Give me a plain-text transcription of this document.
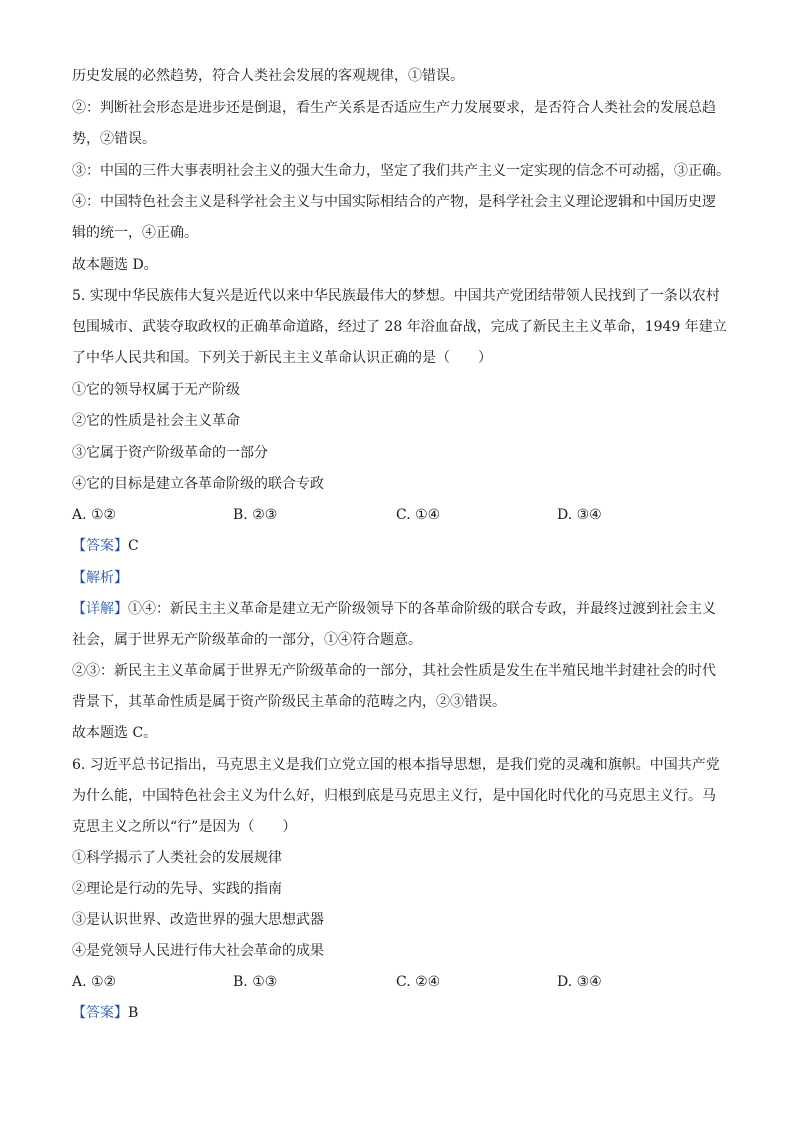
历史发展的必然趋势，符合人类社会发展的客观规律，①错误。
②：判断社会形态是进步还是倒退，看生产关系是否适应生产力发展要求，是否符合人类社会的发展总趋
势，②错误。
③：中国的三件大事表明社会主义的强大生命力，坚定了我们共产主义一定实现的信念不可动摇，③正确。
④：中国特色社会主义是科学社会主义与中国实际相结合的产物，是科学社会主义理论逻辑和中国历史逻
辑的统一，④正确。
故本题选 D。
5. 实现中华民族伟大复兴是近代以来中华民族最伟大的梦想。中国共产党团结带领人民找到了一条以农村
包围城市、武装夺取政权的正确革命道路，经过了 28 年浴血奋战，完成了新民主主义革命，1949 年建立
了中华人民共和国。下列关于新民主主义革命认识正确的是（　　）
①它的领导权属于无产阶级
②它的性质是社会主义革命
③它属于资产阶级革命的一部分
④它的目标是建立各革命阶级的联合专政
A. ①②	B. ②③	C. ①④	D. ③④
【答案】C
【解析】
【详解】①④：新民主主义革命是建立无产阶级领导下的各革命阶级的联合专政，并最终过渡到社会主义
社会，属于世界无产阶级革命的一部分，①④符合题意。
②③：新民主主义革命属于世界无产阶级革命的一部分，其社会性质是发生在半殖民地半封建社会的时代
背景下，其革命性质是属于资产阶级民主革命的范畴之内，②③错误。
故本题选 C。
6. 习近平总书记指出，马克思主义是我们立党立国的根本指导思想，是我们党的灵魂和旗帜。中国共产党
为什么能，中国特色社会主义为什么好，归根到底是马克思主义行，是中国化时代化的马克思主义行。马
克思主义之所以“行”是因为（　　）
①科学揭示了人类社会的发展规律
②理论是行动的先导、实践的指南
③是认识世界、改造世界的强大思想武器
④是党领导人民进行伟大社会革命的成果
A. ①②	B. ①③	C. ②④	D. ③④
【答案】B
